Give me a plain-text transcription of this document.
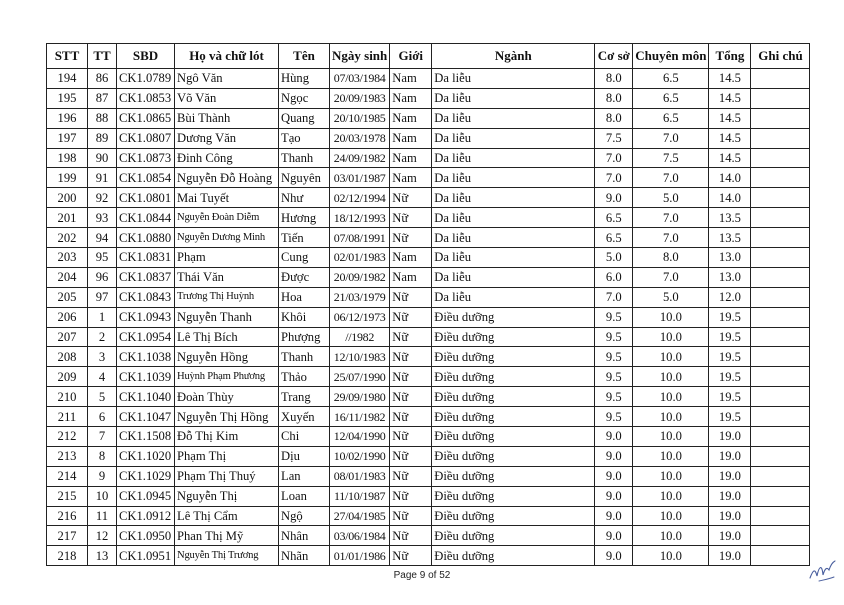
STT	TT	SBD	Họ và chữ lót	Tên	Ngày sinh	Giới	Ngành	Cơ sở	Chuyên môn	Tổng	Ghi chú
194	86	CK1.0789	Ngô Văn	Hùng	07/03/1984	Nam	Da liễu	8.0	6.5	14.5	
195	87	CK1.0853	Võ Văn	Ngọc	20/09/1983	Nam	Da liễu	8.0	6.5	14.5	
196	88	CK1.0865	Bùi Thành	Quang	20/10/1985	Nam	Da liễu	8.0	6.5	14.5	
197	89	CK1.0807	Dương Văn	Tạo	20/03/1978	Nam	Da liễu	7.5	7.0	14.5	
198	90	CK1.0873	Đinh Công	Thanh	24/09/1982	Nam	Da liễu	7.0	7.5	14.5	
199	91	CK1.0854	Nguyễn Đỗ Hoàng	Nguyên	03/01/1987	Nam	Da liễu	7.0	7.0	14.0	
200	92	CK1.0801	Mai Tuyết	Như	02/12/1994	Nữ	Da liễu	9.0	5.0	14.0	
201	93	CK1.0844	Nguyễn Đoàn Diễm	Hương	18/12/1993	Nữ	Da liễu	6.5	7.0	13.5	
202	94	CK1.0880	Nguyễn Dương Minh	Tiến	07/08/1991	Nữ	Da liễu	6.5	7.0	13.5	
203	95	CK1.0831	Phạm	Cung	02/01/1983	Nam	Da liễu	5.0	8.0	13.0	
204	96	CK1.0837	Thái Văn	Được	20/09/1982	Nam	Da liễu	6.0	7.0	13.0	
205	97	CK1.0843	Trương Thị Huỳnh	Hoa	21/03/1979	Nữ	Da liễu	7.0	5.0	12.0	
206	1	CK1.0943	Nguyễn Thanh	Khôi	06/12/1973	Nữ	Điều dưỡng	9.5	10.0	19.5	
207	2	CK1.0954	Lê Thị Bích	Phượng	//1982	Nữ	Điều dưỡng	9.5	10.0	19.5	
208	3	CK1.1038	Nguyễn Hồng	Thanh	12/10/1983	Nữ	Điều dưỡng	9.5	10.0	19.5	
209	4	CK1.1039	Huỳnh Phạm Phương	Thảo	25/07/1990	Nữ	Điều dưỡng	9.5	10.0	19.5	
210	5	CK1.1040	Đoàn Thùy	Trang	29/09/1980	Nữ	Điều dưỡng	9.5	10.0	19.5	
211	6	CK1.1047	Nguyễn Thị Hồng	Xuyến	16/11/1982	Nữ	Điều dưỡng	9.5	10.0	19.5	
212	7	CK1.1508	Đỗ Thị Kim	Chi	12/04/1990	Nữ	Điều dưỡng	9.0	10.0	19.0	
213	8	CK1.1020	Phạm Thị	Dịu	10/02/1990	Nữ	Điều dưỡng	9.0	10.0	19.0	
214	9	CK1.1029	Phạm Thị Thuý	Lan	08/01/1983	Nữ	Điều dưỡng	9.0	10.0	19.0	
215	10	CK1.0945	Nguyễn Thị	Loan	11/10/1987	Nữ	Điều dưỡng	9.0	10.0	19.0	
216	11	CK1.0912	Lê Thị Cẩm	Ngộ	27/04/1985	Nữ	Điều dưỡng	9.0	10.0	19.0	
217	12	CK1.0950	Phan Thị Mỹ	Nhân	03/06/1984	Nữ	Điều dưỡng	9.0	10.0	19.0	
218	13	CK1.0951	Nguyễn Thị Trương	Nhãn	01/01/1986	Nữ	Điều dưỡng	9.0	10.0	19.0	
Page 9 of 52
